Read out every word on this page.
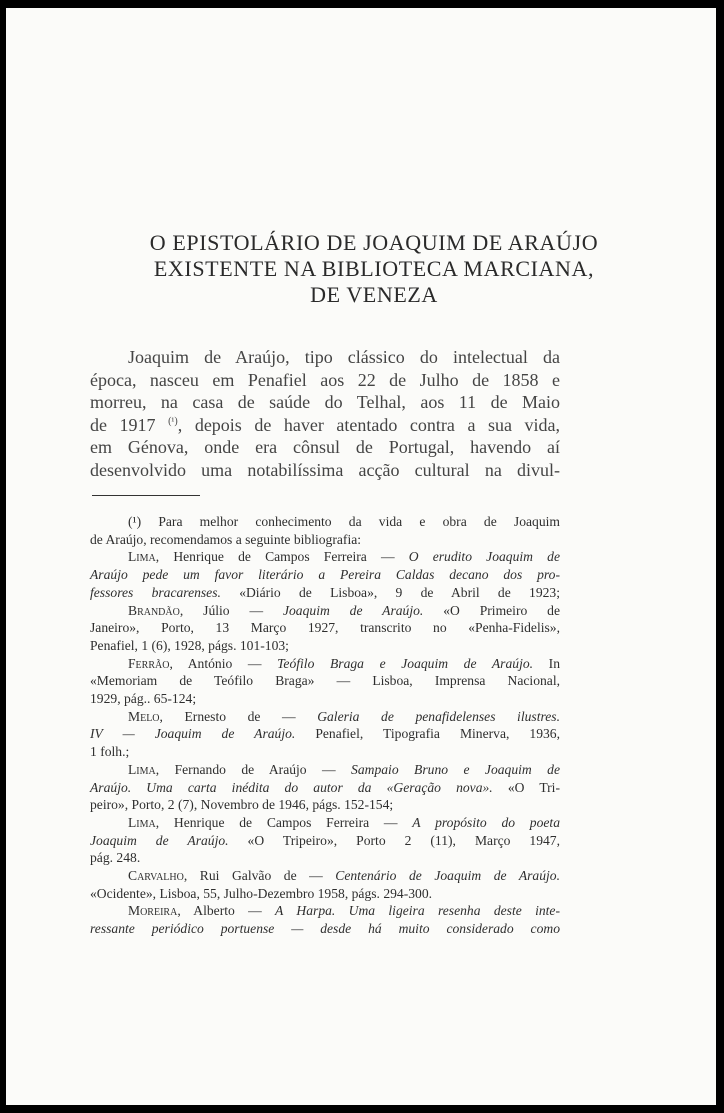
O EPISTOLÁRIO DE JOAQUIM DE ARAÚJO
EXISTENTE NA BIBLIOTECA MARCIANA,
DE VENEZA
Joaquim de Araújo, tipo clássico do intelectual da
época, nasceu em Penafiel aos 22 de Julho de 1858 e
morreu, na casa de saúde do Telhal, aos 11 de Maio
de 1917 $^{(^1)}$, depois de haver atentado contra a sua vida,
em Génova, onde era cônsul de Portugal, havendo aí
desenvolvido uma notabilíssima acção cultural na divul-
(¹) Para melhor conhecimento da vida e obra de Joaquim
de Araújo, recomendamos a seguinte bibliografia:
Lima, Henrique de Campos Ferreira — O erudito Joaquim de
Araújo pede um favor literário a Pereira Caldas decano dos pro-
fessores bracarenses. «Diário de Lisboa», 9 de Abril de 1923;
Brandão, Júlio — Joaquim de Araújo. «O Primeiro de
Janeiro», Porto, 13 Março 1927, transcrito no «Penha-Fidelis»,
Penafiel, 1 (6), 1928, págs. 101-103;
Ferrão, António — Teófilo Braga e Joaquim de Araújo. In
«Memoriam de Teófilo Braga» — Lisboa, Imprensa Nacional,
1929, pág.. 65-124;
Melo, Ernesto de — Galeria de penafidelenses ilustres.
IV — Joaquim de Araújo. Penafiel, Tipografia Minerva, 1936,
1 folh.;
Lima, Fernando de Araújo — Sampaio Bruno e Joaquim de
Araújo. Uma carta inédita do autor da «Geração nova». «O Tri-
peiro», Porto, 2 (7), Novembro de 1946, págs. 152-154;
Lima, Henrique de Campos Ferreira — A propósito do poeta
Joaquim de Araújo. «O Tripeiro», Porto 2 (11), Março 1947,
pág. 248.
Carvalho, Rui Galvão de — Centenário de Joaquim de Araújo.
«Ocidente», Lisboa, 55, Julho-Dezembro 1958, págs. 294-300.
Moreira, Alberto — A Harpa. Uma ligeira resenha deste inte-
ressante periódico portuense — desde há muito considerado como
